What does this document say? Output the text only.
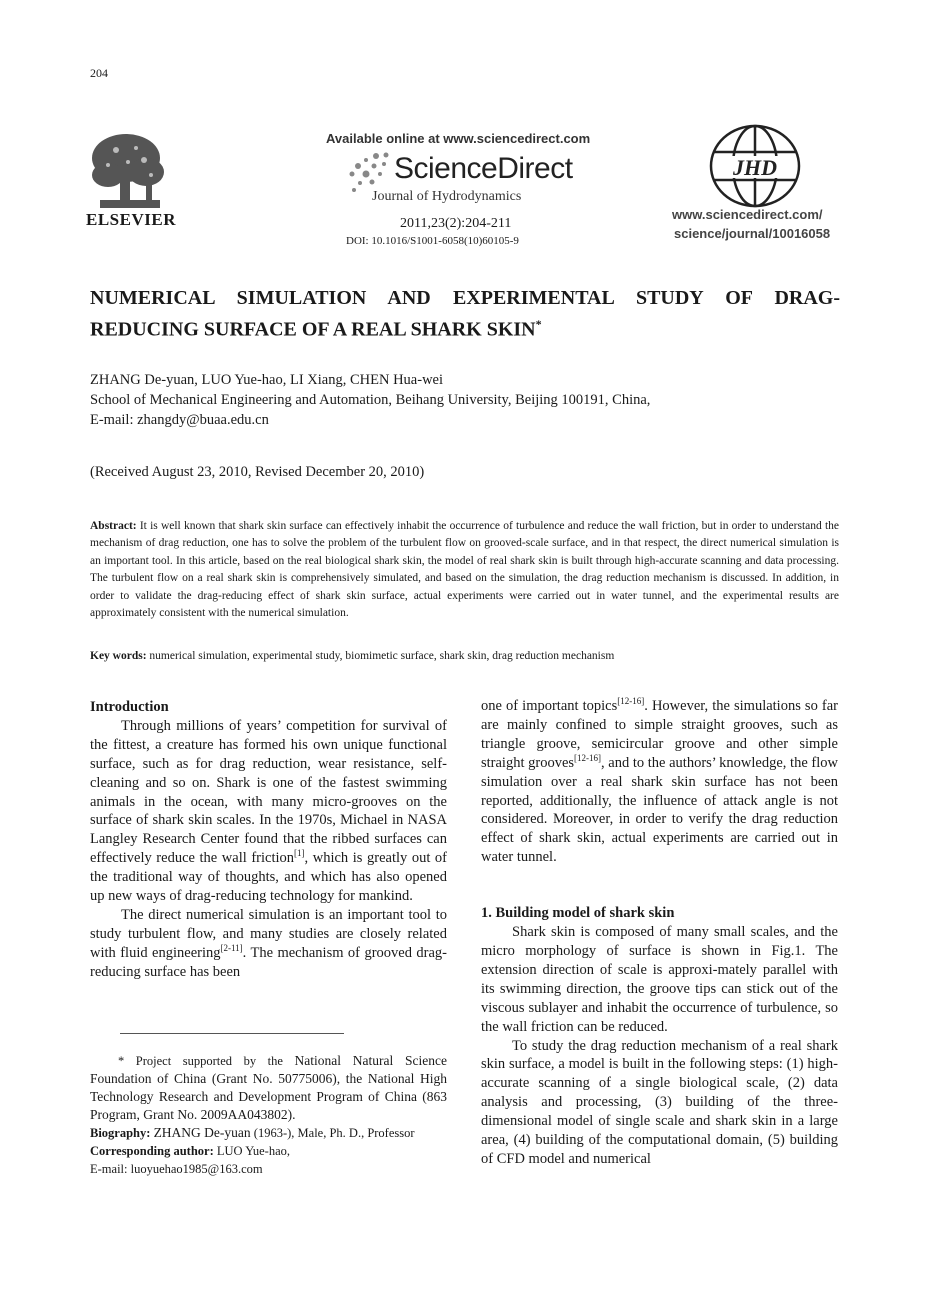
204
ELSEVIER
Available online at www.sciencedirect.com
ScienceDirect
Journal of Hydrodynamics
2011,23(2):204-211
DOI: 10.1016/S1001-6058(10)60105-9
JHD
www.sciencedirect.com/
science/journal/10016058
NUMERICAL SIMULATION AND EXPERIMENTAL STUDY OF DRAG-REDUCING SURFACE OF A REAL SHARK SKIN*
ZHANG De-yuan, LUO Yue-hao, LI Xiang, CHEN Hua-wei
School of Mechanical Engineering and Automation, Beihang University, Beijing 100191, China,
E-mail: zhangdy@buaa.edu.cn
(Received August 23, 2010, Revised December 20, 2010)
Abstract: It is well known that shark skin surface can effectively inhabit the occurrence of turbulence and reduce the wall friction, but in order to understand the mechanism of drag reduction, one has to solve the problem of the turbulent flow on grooved-scale surface, and in that respect, the direct numerical simulation is an important tool. In this article, based on the real biological shark skin, the model of real shark skin is built through high-accurate scanning and data processing. The turbulent flow on a real shark skin is comprehensively simulated, and based on the simulation, the drag reduction mechanism is discussed. In addition, in order to validate the drag-reducing effect of shark skin surface, actual experiments were carried out in water tunnel, and the experimental results are approximately consistent with the numerical simulation.
Key words: numerical simulation, experimental study, biomimetic surface, shark skin, drag reduction mechanism

Introduction

Through millions of years’ competition for survival of the fittest, a creature has formed his own unique functional surface, such as for drag reduction, wear resistance, self-cleaning and so on. Shark is one of the fastest swimming animals in the ocean, with many micro-grooves on the surface of shark skin scales. In the 1970s, Michael in NASA Langley Research Center found that the ribbed surfaces can effectively reduce the wall friction[1], which is greatly out of the traditional way of thoughts, and which has also opened up new ways of drag-reducing technology for mankind.

The direct numerical simulation is an important tool to study turbulent flow, and many studies are closely related with fluid engineering[2-11]. The mechanism of grooved drag-reducing surface has been

* Project supported by the National Natural Science Foundation of China (Grant No. 50775006), the National High Technology Research and Development Program of China (863 Program, Grant No. 2009AA043802).

Biography: ZHANG De-yuan (1963-), Male, Ph. D., Professor

Corresponding author: LUO Yue-hao,

E-mail: luoyuehao1985@163.com

one of important topics[12-16]. However, the simulations so far are mainly confined to simple straight grooves, such as triangle groove, semicircular groove and other simple straight grooves[12-16], and to the authors’ knowledge, the flow simulation over a real shark skin surface has not been reported, additionally, the influence of attack angle is not considered. Moreover, in order to verify the drag reduction effect of shark skin, actual experiments are carried out in water tunnel.

1. Building model of shark skin

Shark skin is composed of many small scales, and the micro morphology of surface is shown in Fig.1. The extension direction of scale is approxi-mately parallel with its swimming direction, the groove tips can stick out of the viscous sublayer and inhabit the occurrence of turbulence, so the wall friction can be reduced.

To study the drag reduction mechanism of a real shark skin surface, a model is built in the following steps: (1) high-accurate scanning of a single biological scale, (2) data analysis and processing, (3) building of the three-dimensional model of single scale and shark skin in a large area, (4) building of the computational domain, (5) building of CFD model and numerical
